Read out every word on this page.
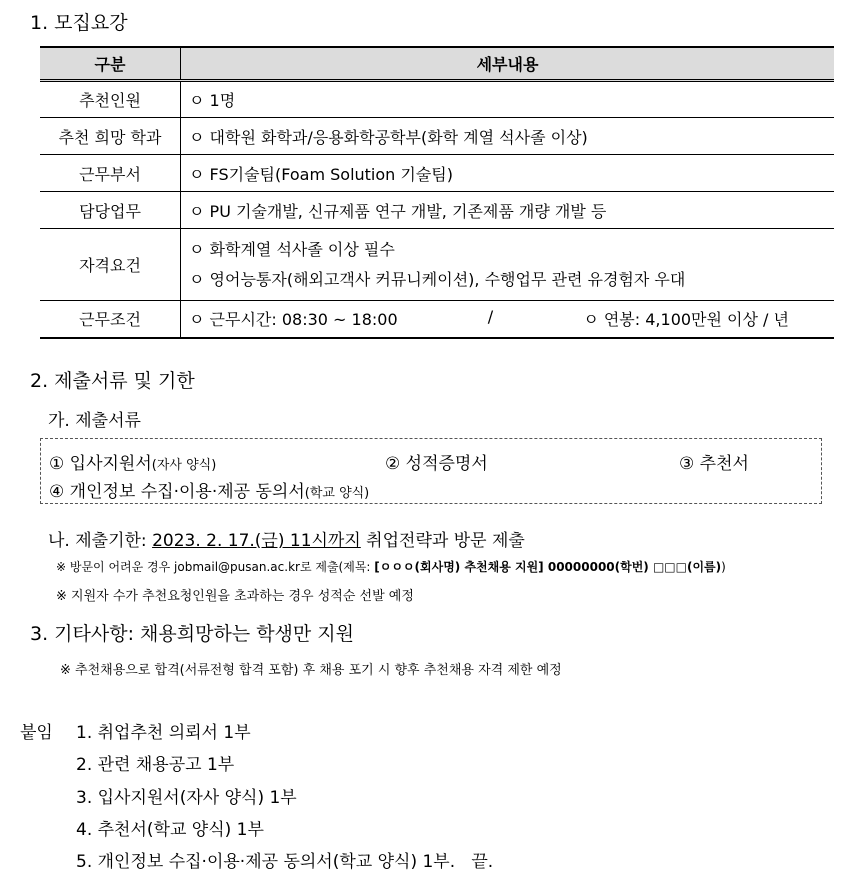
1. 모집요강
구분	세부내용
추천인원	ㅇ 1명
추천 희망 학과	ㅇ 대학원 화학과/응용화학공학부(화학 계열 석사졸 이상)
근무부서	ㅇ FS기술팀(Foam Solution 기술팀)
담당업무	ㅇ PU 기술개발, 신규제품 연구 개발, 기존제품 개량 개발 등
자격요건	ㅇ 화학계열 석사졸 이상 필수
ㅇ 영어능통자(해외고객사 커뮤니케이션), 수행업무 관련 유경험자 우대

근무조건	ㅇ 근무시간: 08:30 ~ 18:00 / ㅇ 연봉: 4,100만원 이상 / 년
2. 제출서류 및 기한
가. 제출서류
① 입사지원서(자사 양식)	② 성적증명서	③ 추천서
④ 개인정보 수집·이용·제공 동의서(학교 양식)
나. 제출기한: 2023. 2. 17.(금) 11시까지 취업전략과 방문 제출
※ 방문이 어려운 경우 jobmail@pusan.ac.kr로 제출(제목: [ㅇㅇㅇ(회사명) 추천채용 지원] 00000000(학번) □□□(이름))
※ 지원자 수가 추천요청인원을 초과하는 경우 성적순 선발 예정
3. 기타사항: 채용희망하는 학생만 지원
※ 추천채용으로 합격(서류전형 합격 포함) 후 채용 포기 시 향후 추천채용 자격 제한 예정
붙임 1. 취업추천 의뢰서 1부
2. 관련 채용공고 1부
3. 입사지원서(자사 양식) 1부
4. 추천서(학교 양식) 1부
5. 개인정보 수집·이용·제공 동의서(학교 양식) 1부.   끝.
